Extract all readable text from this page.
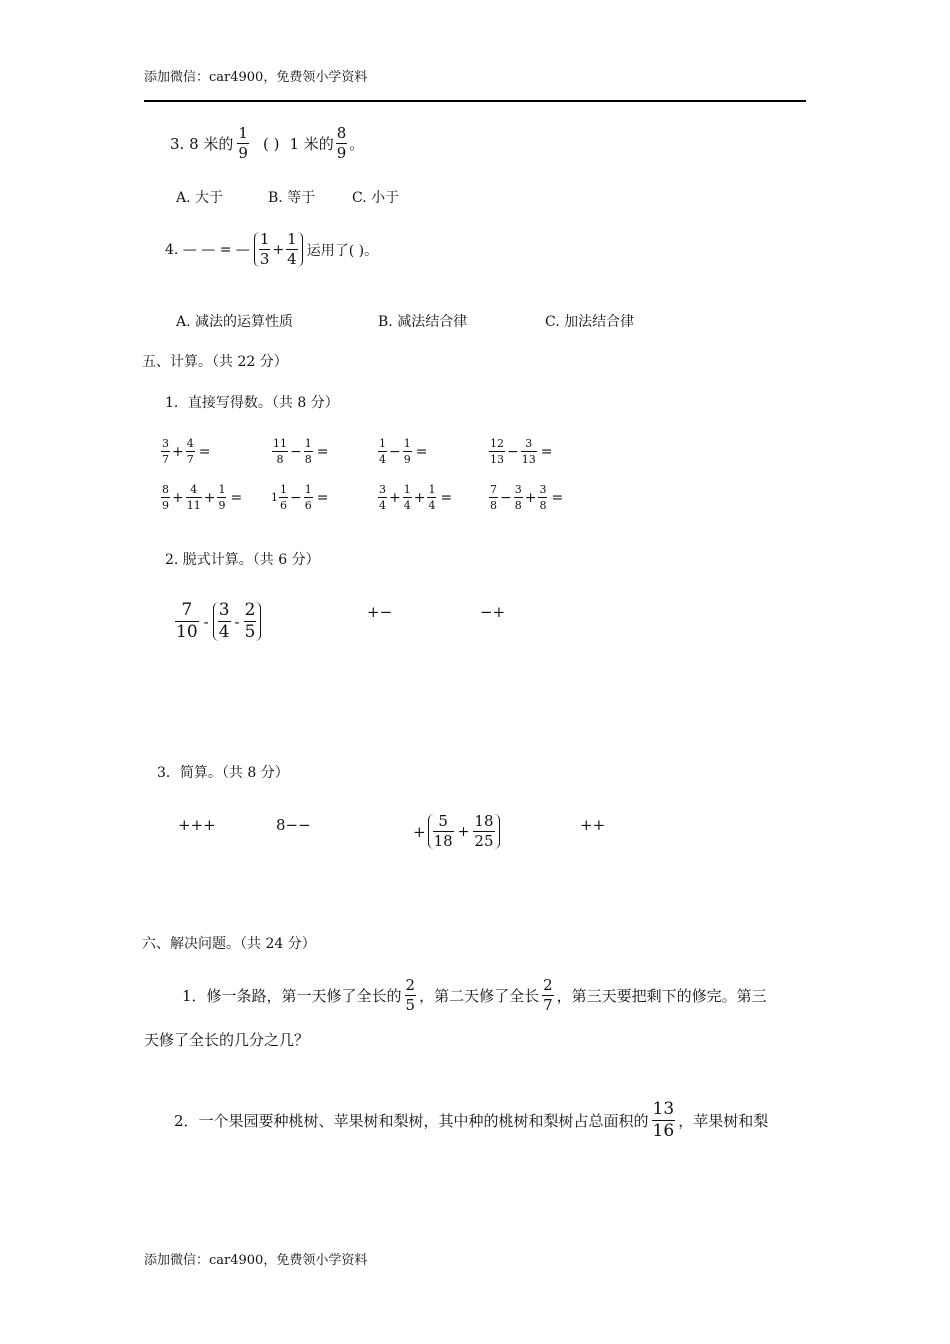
添加微信：car4900，免费领小学资料
3. 8 米的 $\frac{1}{9}$ ( ) 1 米的 $\frac{8}{9}$ 。
A. 大于	B. 等于	C. 小于
4. — — = — $\frac{1}{3} + \frac{1}{4}$ 运用了( )。
A. 减法的运算性质	B. 减法结合律	C. 加法结合律
五、计算。（共 22 分）
1．直接写得数。（共 8 分）
$\frac{3}{7} + \frac{4}{7}$ =	$\frac{11}{8} - \frac{1}{8}$ =	$\frac{1}{4} - \frac{1}{9}$ =	$\frac{12}{13} - \frac{3}{13}$ =
$\frac{8}{9} + \frac{4}{11} + \frac{1}{9}$ =	$1 \frac{1}{6} - \frac{1}{6}$ =	$\frac{3}{4} + \frac{1}{4} + \frac{1}{4}$ =	$\frac{7}{8} - \frac{3}{8} + \frac{3}{8}$ =
2. 脱式计算。（共 6 分）
$\frac{7}{10} - \frac{3}{4} - \frac{2}{5}$	+−	−+
3．简算。（共 8 分）
+++	8−−	+ $\frac{5}{18} + \frac{18}{25}$	++
六、解决问题。（共 24 分）
1．修一条路，第一天修了全长的 $\frac{2}{5}$ ，第二天修了全长 $\frac{2}{7}$ ，第三天要把剩下的修完。第三
天修了全长的几分之几？
2．一个果园要种桃树、苹果树和梨树，其中种的桃树和梨树占总面积的 $\frac{13}{16}$ ，苹果树和梨
添加微信：car4900，免费领小学资料
